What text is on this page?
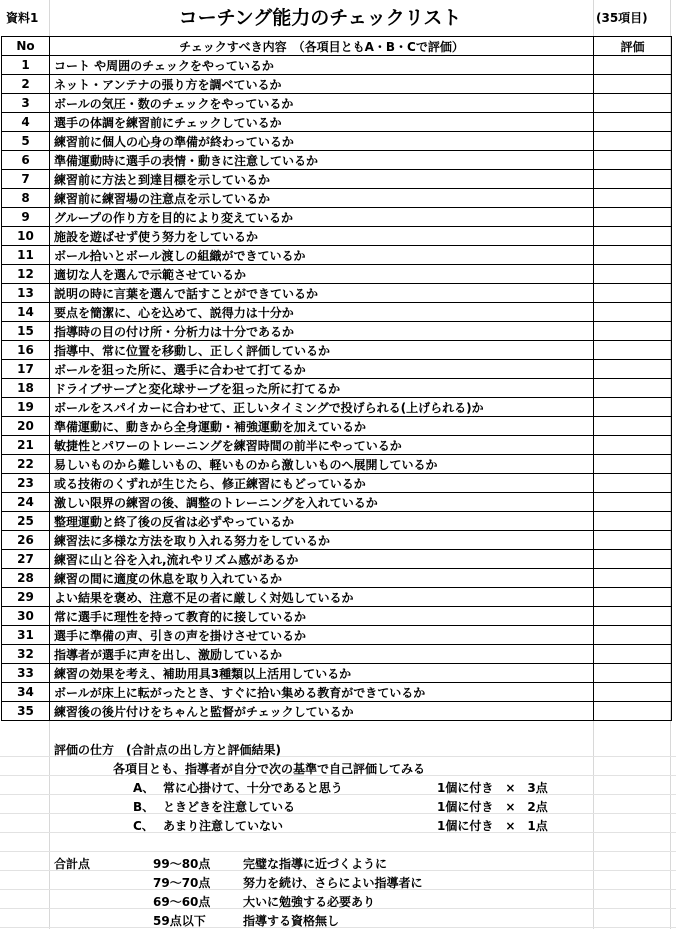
資料1	コーチング能力のチェックリスト	(35項目)
No	チェックすべき内容　（各項目ともA・B・Cで評価）	評価
1	コート や周囲のチェックをやっているか	
2	ネット・アンテナの張り方を調べているか	
3	ボールの気圧・数のチェックをやっているか	
4	選手の体調を練習前にチェックしているか	
5	練習前に個人の心身の準備が終わっているか	
6	準備運動時に選手の表情・動きに注意しているか	
7	練習前に方法と到達目標を示しているか	
8	練習前に練習場の注意点を示しているか	
9	グループの作り方を目的により変えているか	
10	施設を遊ばせず使う努力をしているか	
11	ボール拾いとボール渡しの組織ができているか	
12	適切な人を選んで示範させているか	
13	説明の時に言葉を選んで話すことができているか	
14	要点を簡潔に、心を込めて、説得力は十分か	
15	指導時の目の付け所・分析力は十分であるか	
16	指導中、常に位置を移動し、正しく評価しているか	
17	ボールを狙った所に、選手に合わせて打てるか	
18	ドライブサーブと変化球サーブを狙った所に打てるか	
19	ボールをスパイカーに合わせて、正しいタイミングで投げられる(上げられる)か	
20	準備運動に、動きから全身運動・補強運動を加えているか	
21	敏捷性とパワーのトレーニングを練習時間の前半にやっているか	
22	易しいものから難しいもの、軽いものから激しいものへ展開しているか	
23	或る技術のくずれが生じたら、修正練習にもどっているか	
24	激しい限界の練習の後、調整のトレーニングを入れているか	
25	整理運動と終了後の反省は必ずやっているか	
26	練習法に多様な方法を取り入れる努力をしているか	
27	練習に山と谷を入れ,流れやリズム感があるか	
28	練習の間に適度の休息を取り入れているか	
29	よい結果を褒め、注意不足の者に厳しく対処しているか	
30	常に選手に理性を持って教育的に接しているか	
31	選手に準備の声、引きの声を掛けさせているか	
32	指導者が選手に声を出し、激励しているか	
33	練習の効果を考え、補助用具3種類以上活用しているか	
34	ボールが床上に転がったとき、すぐに拾い集める教育ができているか	
35	練習後の後片付けをちゃんと監督がチェックしているか	
評価の仕方　(合計点の出し方と評価結果)
各項目とも、指導者が自分で次の基準で自己評価してみる
A、 常に心掛けて、十分であると思う	1個に付き　×　3点
B、 ときどきを注意している	1個に付き　×　2点
C、 あまり注意していない	1個に付き　×　1点
合計点	99～80点	完璧な指導に近づくように
79～70点	努力を続け、さらによい指導者に
69～60点	大いに勉強する必要あり
59点以下	指導する資格無し
